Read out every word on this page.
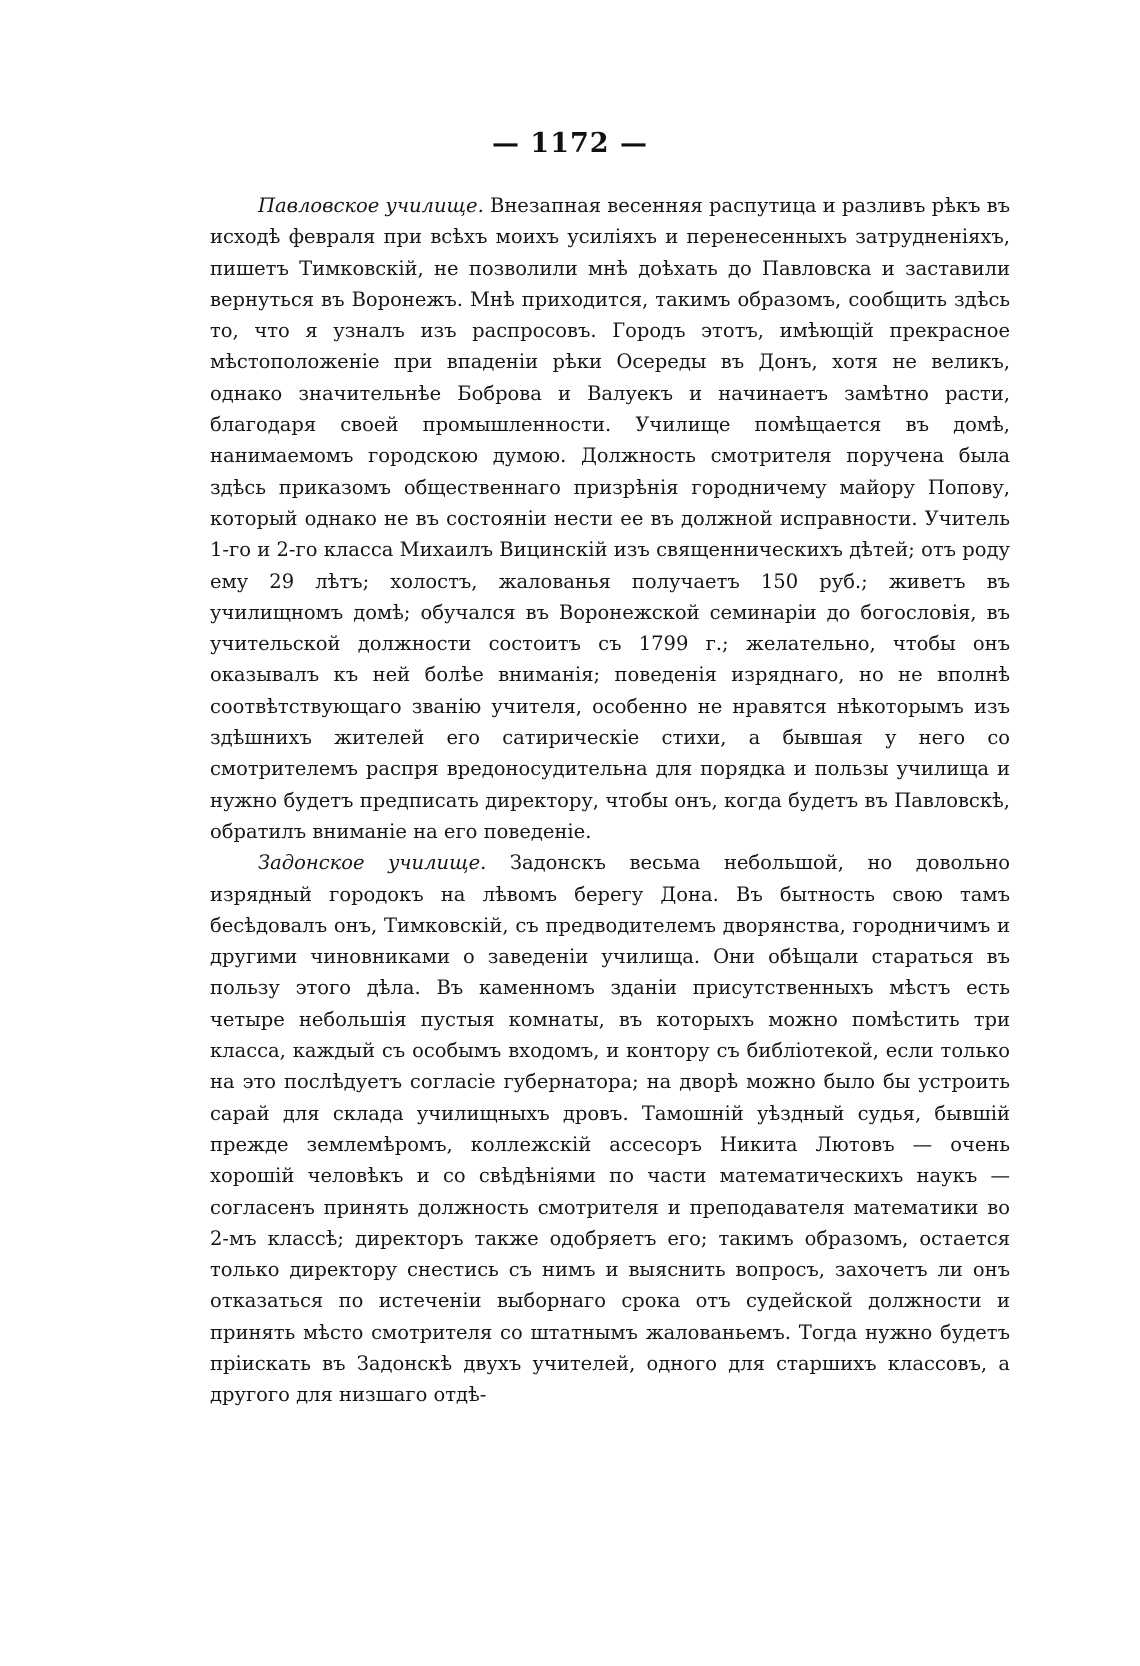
— 1172 —

Павловское училище. Внезапная весенняя распутица и разливъ рѣкъ въ исходѣ февраля при всѣхъ моихъ усиліяхъ и перенесенныхъ затрудненіяхъ, пишетъ Тимковскій, не позволили мнѣ доѣхать до Павловска и заставили вернуться въ Воронежъ. Мнѣ приходится, такимъ образомъ, сообщить здѣсь то, что я узналъ изъ распросовъ. Городъ этотъ, имѣющій прекрасное мѣстоположеніе при впаденіи рѣки Осереды въ Донъ, хотя не великъ, однако значительнѣе Боброва и Валуекъ и начинаетъ замѣтно расти, благодаря своей промышленности. Училище помѣщается въ домѣ, нанимаемомъ городскою думою. Должность смотрителя поручена была здѣсь приказомъ общественнаго призрѣнія городничему майору Попову, который однако не въ состояніи нести ее въ должной исправности. Учитель 1-го и 2-го класса Михаилъ Вицинскій изъ священническихъ дѣтей; отъ роду ему 29 лѣтъ; холостъ, жалованья получаетъ 150 руб.; живетъ въ училищномъ домѣ; обучался въ Воронежской семинаріи до богословія, въ учительской должности состоитъ съ 1799 г.; желательно, чтобы онъ оказывалъ къ ней болѣе вниманія; поведенія изряднаго, но не вполнѣ соотвѣтствующаго званію учителя, особенно не нравятся нѣкоторымъ изъ здѣшнихъ жителей его сатирическіе стихи, а бывшая у него со смотрителемъ распря вредоносудительна для порядка и пользы училища и нужно будетъ предписать директору, чтобы онъ, когда будетъ въ Павловскѣ, обратилъ вниманіе на его поведеніе.

Задонское училище. Задонскъ весьма небольшой, но довольно изрядный городокъ на лѣвомъ берегу Дона. Въ бытность свою тамъ бесѣдовалъ онъ, Тимковскій, съ предводителемъ дворянства, городничимъ и другими чиновниками о заведеніи училища. Они обѣщали стараться въ пользу этого дѣла. Въ каменномъ зданіи присутственныхъ мѣстъ есть четыре небольшія пустыя комнаты, въ которыхъ можно помѣстить три класса, каждый съ особымъ входомъ, и контору съ библіотекой, если только на это послѣдуетъ согласіе губернатора; на дворѣ можно было бы устроить сарай для склада училищныхъ дровъ. Тамошній уѣздный судья, бывшій прежде землемѣромъ, коллежскій ассесоръ Никита Лютовъ — очень хорошій человѣкъ и со свѣдѣніями по части математическихъ наукъ — согласенъ принять должность смотрителя и преподавателя математики во 2-мъ классѣ; директоръ также одобряетъ его; такимъ образомъ, остается только директору снестись съ нимъ и выяснить вопросъ, захочетъ ли онъ отказаться по истеченіи выборнаго срока отъ судейской должности и принять мѣсто смотрителя со штатнымъ жалованьемъ. Тогда нужно будетъ пріискать въ Задонскѣ двухъ учителей, одного для старшихъ классовъ, а другого для низшаго отдѣ-
